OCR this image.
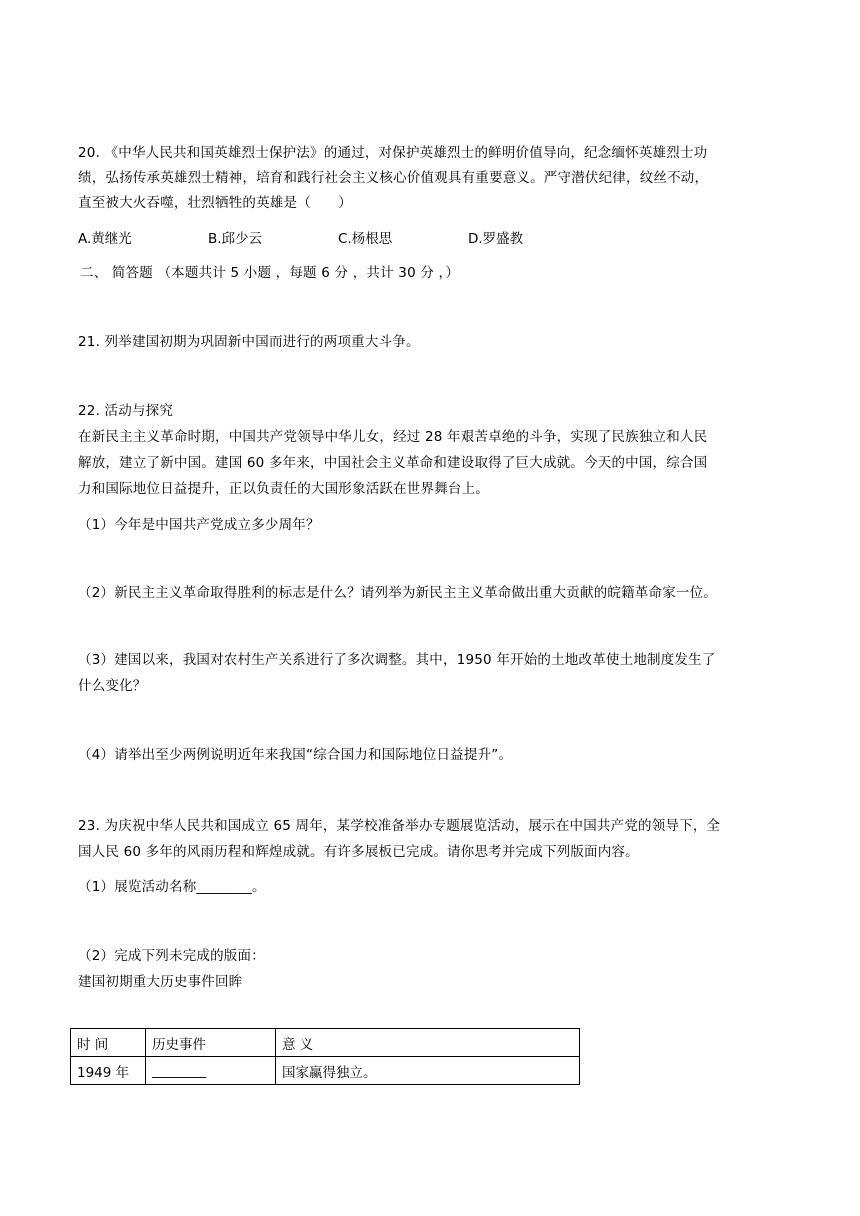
20. 《中华人民共和国英雄烈士保护法》的通过，对保护英雄烈士的鲜明价值导向，纪念缅怀英雄烈士功
绩，弘扬传承英雄烈士精神，培育和践行社会主义核心价值观具有重要意义。严守潜伏纪律，纹丝不动，
直至被大火吞噬，壮烈牺牲的英雄是（　　）
A.黄继光	B.邱少云	C.杨根思	D.罗盛教
二、 简答题 （本题共计 5 小题 ，每题 6 分 ，共计 30 分 ，）
21. 列举建国初期为巩固新中国而进行的两项重大斗争。
22. 活动与探究
在新民主主义革命时期，中国共产党领导中华儿女，经过 28 年艰苦卓绝的斗争，实现了民族独立和人民
解放，建立了新中国。建国 60 多年来，中国社会主义革命和建设取得了巨大成就。今天的中国，综合国
力和国际地位日益提升，正以负责任的大国形象活跃在世界舞台上。
（1）今年是中国共产党成立多少周年？
（2）新民主主义革命取得胜利的标志是什么？请列举为新民主主义革命做出重大贡献的皖籍革命家一位。
（3）建国以来，我国对农村生产关系进行了多次调整。其中，1950 年开始的土地改革使土地制度发生了
什么变化？
（4）请举出至少两例说明近年来我国“综合国力和国际地位日益提升”。
23. 为庆祝中华人民共和国成立 65 周年，某学校准备举办专题展览活动，展示在中国共产党的领导下，全
国人民 60 多年的风雨历程和辉煌成就。有许多展板已完成。请你思考并完成下列版面内容。
（1）展览活动名称________。
（2）完成下列未完成的版面：
建国初期重大历史事件回眸
时 间	历史事件	意 义
1949 年	________	国家赢得独立。
